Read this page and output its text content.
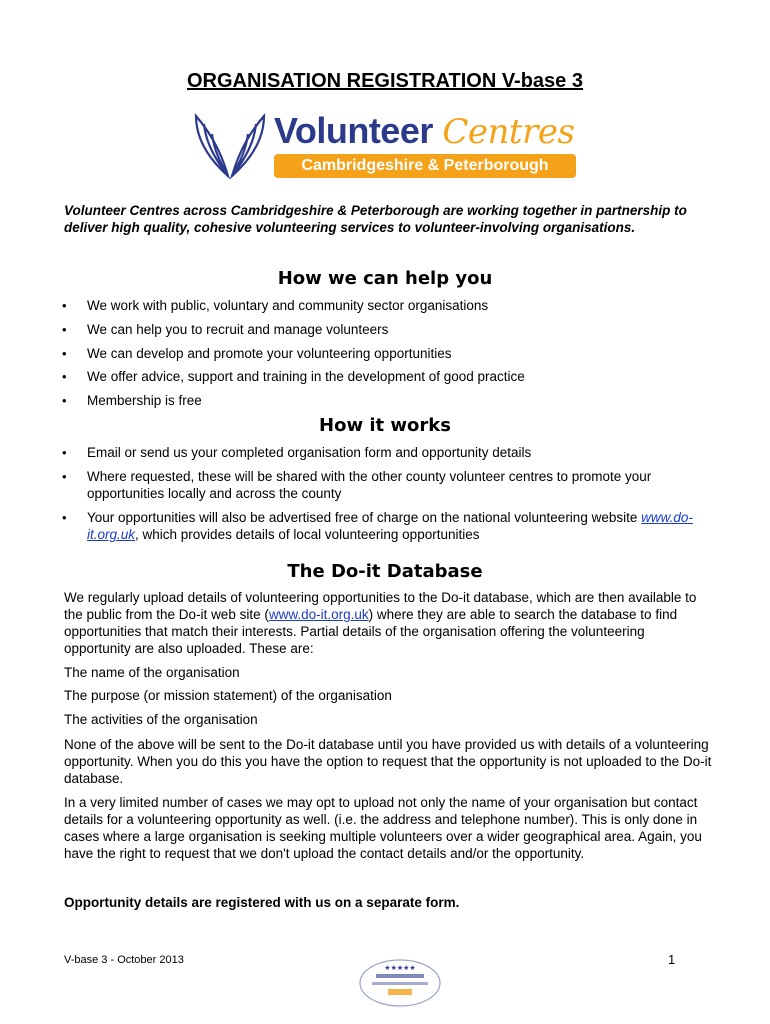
ORGANISATION REGISTRATION V-base 3
Volunteer Centres
Cambridgeshire & Peterborough
Volunteer Centres across Cambridgeshire & Peterborough are working together in partnership to deliver high quality, cohesive volunteering services to volunteer-involving organisations.
How we can help you
• We work with public, voluntary and community sector organisations
• We can help you to recruit and manage volunteers
• We can develop and promote your volunteering opportunities
• We offer advice, support and training in the development of good practice
• Membership is free
How it works
• Email or send us your completed organisation form and opportunity details
• Where requested, these will be shared with the other county volunteer centres to promote your opportunities locally and across the county
• Your opportunities will also be advertised free of charge on the national volunteering website www.do-it.org.uk, which provides details of local volunteering opportunities
The Do-it Database
We regularly upload details of volunteering opportunities to the Do-it database, which are then available to the public from the Do-it web site (www.do-it.org.uk) where they are able to search the database to find opportunities that match their interests. Partial details of the organisation offering the volunteering opportunity are also uploaded. These are:
The name of the organisation
The purpose (or mission statement) of the organisation
The activities of the organisation
None of the above will be sent to the Do-it database until you have provided us with details of a volunteering opportunity. When you do this you have the option to request that the opportunity is not uploaded to the Do-it database.
In a very limited number of cases we may opt to upload not only the name of your organisation but contact details for a volunteering opportunity as well. (i.e. the address and telephone number). This is only done in cases where a large organisation is seeking multiple volunteers over a wider geographical area. Again, you have the right to request that we don't upload the contact details and/or the opportunity.
Opportunity details are registered with us on a separate form.
V-base 3 - October 2013	1
★★★★★
